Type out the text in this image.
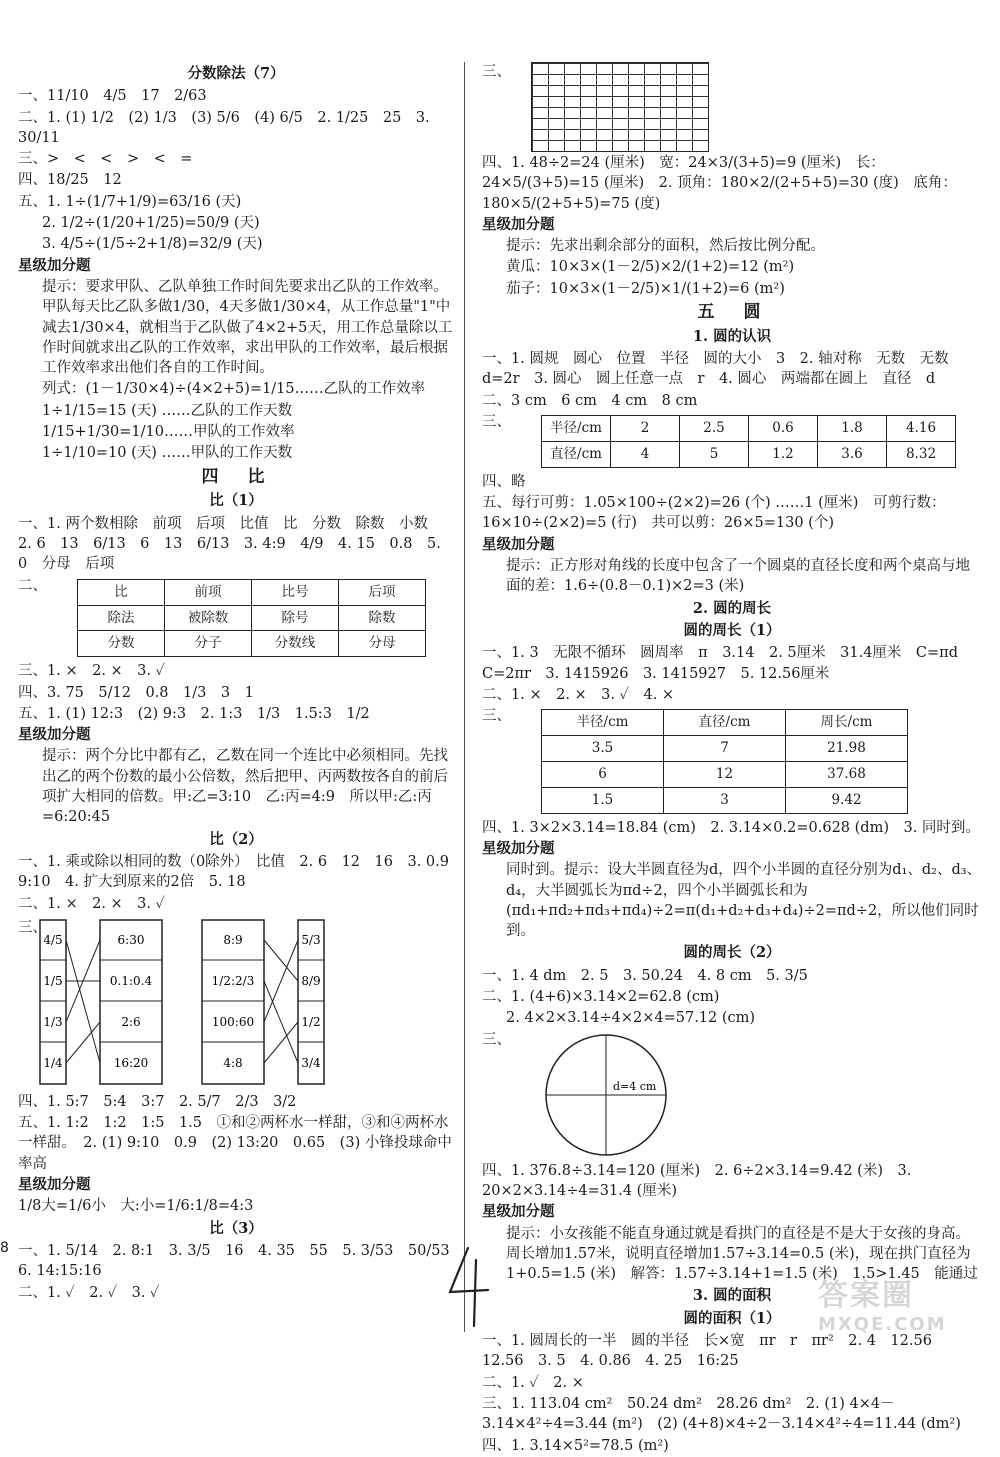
分数除法（7）
一、11/10　4/5　17　2/63
二、1. (1) 1/2　(2) 1/3　(3) 5/6　(4) 6/5　2. 1/25　25　3. 30/11
三、>　<　<　>　<　=
四、18/25　12
五、1. 1÷(1/7+1/9)=63/16 (天)
2. 1/2÷(1/20+1/25)=50/9 (天)
3. 4/5÷(1/5÷2+1/8)=32/9 (天)
星级加分题
提示：要求甲队、乙队单独工作时间先要求出乙队的工作效率。甲队每天比乙队多做1/30，4天多做1/30×4，从工作总量"1"中减去1/30×4，就相当于乙队做了4×2+5天，用工作总量除以工作时间就求出乙队的工作效率，求出甲队的工作效率，最后根据工作效率求出他们各自的工作时间。
列式：(1－1/30×4)÷(4×2+5)=1/15……乙队的工作效率
1÷1/15=15 (天) ……乙队的工作天数
1/15+1/30=1/10……甲队的工作效率
1÷1/10=10 (天) ……甲队的工作天数
四　比
比（1）
一、1. 两个数相除　前项　后项　比值　比　分数　除数　小数　2. 6　13　6/13　6　13　6/13　3. 4:9　4/9　4. 15　0.8　5. 0　分母　后项
二、	比	前项	比号	后项
除法	被除数	除号	除数
分数	分子	分数线	分母
三、1. ×　2. ×　3. ✓
四、3. 75　5/12　0.8　1/3　3　1
五、1. (1) 12:3　(2) 9:3　2. 1:3　1/3　1.5:3　1/2
星级加分题
提示：两个分比中都有乙，乙数在同一个连比中必须相同。先找出乙的两个份数的最小公倍数，然后把甲、丙两数按各自的前后项扩大相同的倍数。甲:乙=3:10　乙:丙=4:9　所以甲:乙:丙=6:20:45
比（2）
一、1. 乘或除以相同的数（0除外）　比值　2. 6　12　16　3. 0.9　9:10　4. 扩大到原来的2倍　5. 18
二、1. ×　2. ×　3. ✓
三、
4/5
1/5
1/3
1/4
6:30
0.1:0.4
2:6
16:20
8:9
1/2:2/3
100:60
4:8
5/3
8/9
1/2
3/4
四、1. 5:7　5:4　3:7　2. 5/7　2/3　3/2
五、1. 1:2　1:2　1:5　1.5　①和②两杯水一样甜，③和④两杯水一样甜。　2. (1) 9:10　0.9　(2) 13:20　0.65　(3) 小锋投球命中率高
星级加分题
1/8大=1/6小　大:小=1/6:1/8=4:3
比（3）
一、1. 5/14　2. 8:1　3. 3/5　16　4. 35　55　5. 3/53　50/53　6. 14:15:16
二、1. ✓　2. ✓　3. ✓
三、
四、1. 48÷2=24 (厘米)　宽：24×3/(3+5)=9 (厘米)　长：24×5/(3+5)=15 (厘米)　2. 顶角：180×2/(2+5+5)=30 (度)　底角：180×5/(2+5+5)=75 (度)
星级加分题
提示：先求出剩余部分的面积，然后按比例分配。
黄瓜：10×3×(1－2/5)×2/(1+2)=12 (m²)
茄子：10×3×(1－2/5)×1/(1+2)=6 (m²)
五　圆
1. 圆的认识
一、1. 圆规　圆心　位置　半径　圆的大小　3　2. 轴对称　无数　无数　d=2r　3. 圆心　圆上任意一点　r　4. 圆心　两端都在圆上　直径　d
二、3 cm　6 cm　4 cm　8 cm
三、	半径/cm	2	2.5	0.6	1.8	4.16
直径/cm	4	5	1.2	3.6	8.32
四、略
五、每行可剪：1.05×100÷(2×2)=26 (个) ……1 (厘米)　可剪行数：16×10÷(2×2)=5 (行)　共可以剪：26×5=130 (个)
星级加分题
提示：正方形对角线的长度中包含了一个圆桌的直径长度和两个桌高与地面的差：1.6÷(0.8－0.1)×2=3 (米)
2. 圆的周长
圆的周长（1）
一、1. 3　无限不循环　圆周率　π　3.14　2. 5厘米　31.4厘米　C=πd　C=2πr　3. 1415926　3. 1415927　5. 12.56厘米
二、1. ×　2. ×　3. ✓　4. ×
三、	半径/cm	直径/cm	周长/cm
3.5	7	21.98
6	12	37.68
1.5	3	9.42
四、1. 3×2×3.14=18.84 (cm)　2. 3.14×0.2=0.628 (dm)　3. 同时到。
星级加分题
同时到。提示：设大半圆直径为d，四个小半圆的直径分别为d₁、d₂、d₃、d₄，大半圆弧长为πd÷2，四个小半圆弧长和为(πd₁+πd₂+πd₃+πd₄)÷2=π(d₁+d₂+d₃+d₄)÷2=πd÷2，所以他们同时到。
圆的周长（2）
一、1. 4 dm　2. 5　3. 50.24　4. 8 cm　5. 3/5
二、1. (4+6)×3.14×2=62.8 (cm)
2. 4×2×3.14÷4×2×4=57.12 (cm)
三、
d=4 cm
四、1. 376.8÷3.14=120 (厘米)　2. 6÷2×3.14=9.42 (米)　3. 20×2×3.14÷4=31.4 (厘米)
星级加分题
提示：小女孩能不能直身通过就是看拱门的直径是不是大于女孩的身高。周长增加1.57米，说明直径增加1.57÷3.14=0.5 (米)，现在拱门直径为1+0.5=1.5 (米)　解答：1.57÷3.14+1=1.5 (米)　1.5>1.45　能通过
3. 圆的面积
圆的面积（1）
一、1. 圆周长的一半　圆的半径　长×宽　πr　r　πr²　2. 4　12.56　12.56　3. 5　4. 0.86　4. 25　16:25
二、1. ✓　2. ×
三、1. 113.04 cm²　50.24 dm²　28.26 dm²　2. (1) 4×4－3.14×4²÷4=3.44 (m²)　(2) (4+8)×4÷2－3.14×4²÷4=11.44 (dm²)
四、1. 3.14×5²=78.5 (m²)
8
答案圈
MXQE.COM
